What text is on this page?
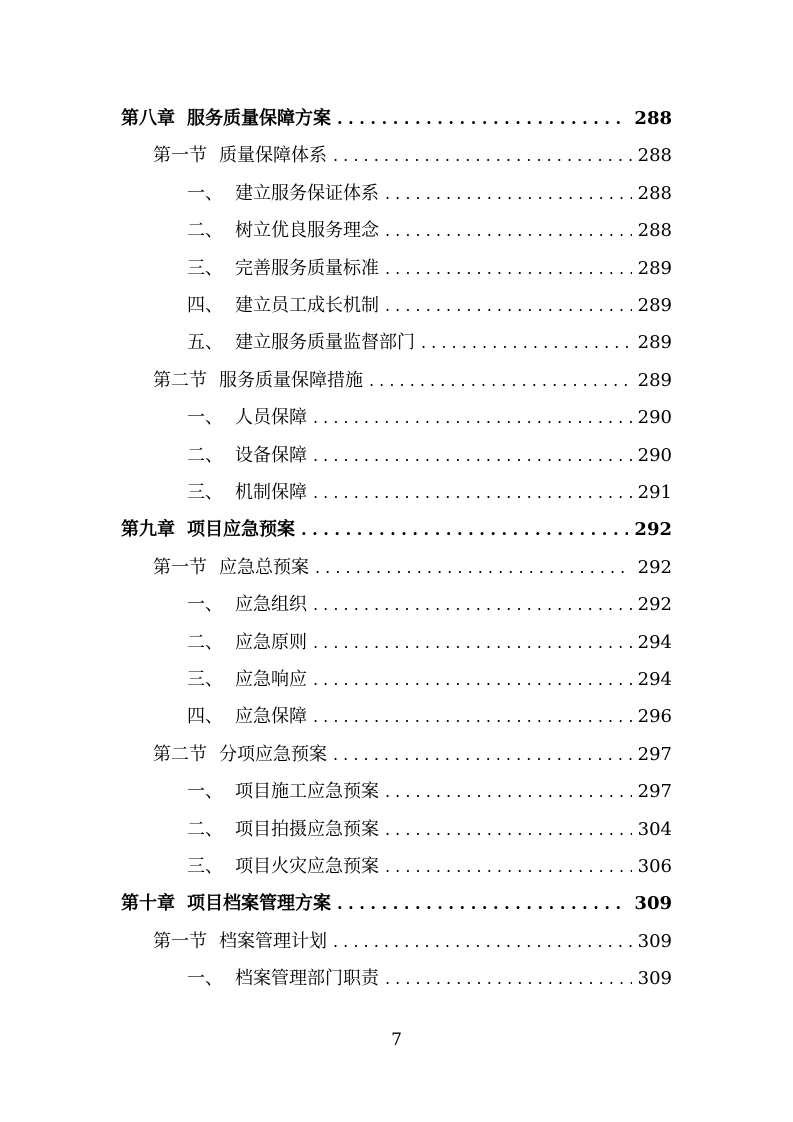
第八章 服务质量保障方案 . . .	288
第一节 质量保障体系 . . .	288
一、 建立服务保证体系 . . .	288
二、 树立优良服务理念 . . .	288
三、 完善服务质量标准 . . .	289
四、 建立员工成长机制 . . .	289
五、 建立服务质量监督部门 . . .	289
第二节 服务质量保障措施 . . .	289
一、 人员保障 . . .	290
二、 设备保障 . . .	290
三、 机制保障 . . .	291
第九章 项目应急预案 . . .	292
第一节 应急总预案 . . .	292
一、 应急组织 . . .	292
二、 应急原则 . . .	294
三、 应急响应 . . .	294
四、 应急保障 . . .	296
第二节 分项应急预案 . . .	297
一、 项目施工应急预案 . . .	297
二、 项目拍摄应急预案 . . .	304
三、 项目火灾应急预案 . . .	306
第十章 项目档案管理方案 . . .	309
第一节 档案管理计划 . . .	309
一、 档案管理部门职责 . . .	309
7
